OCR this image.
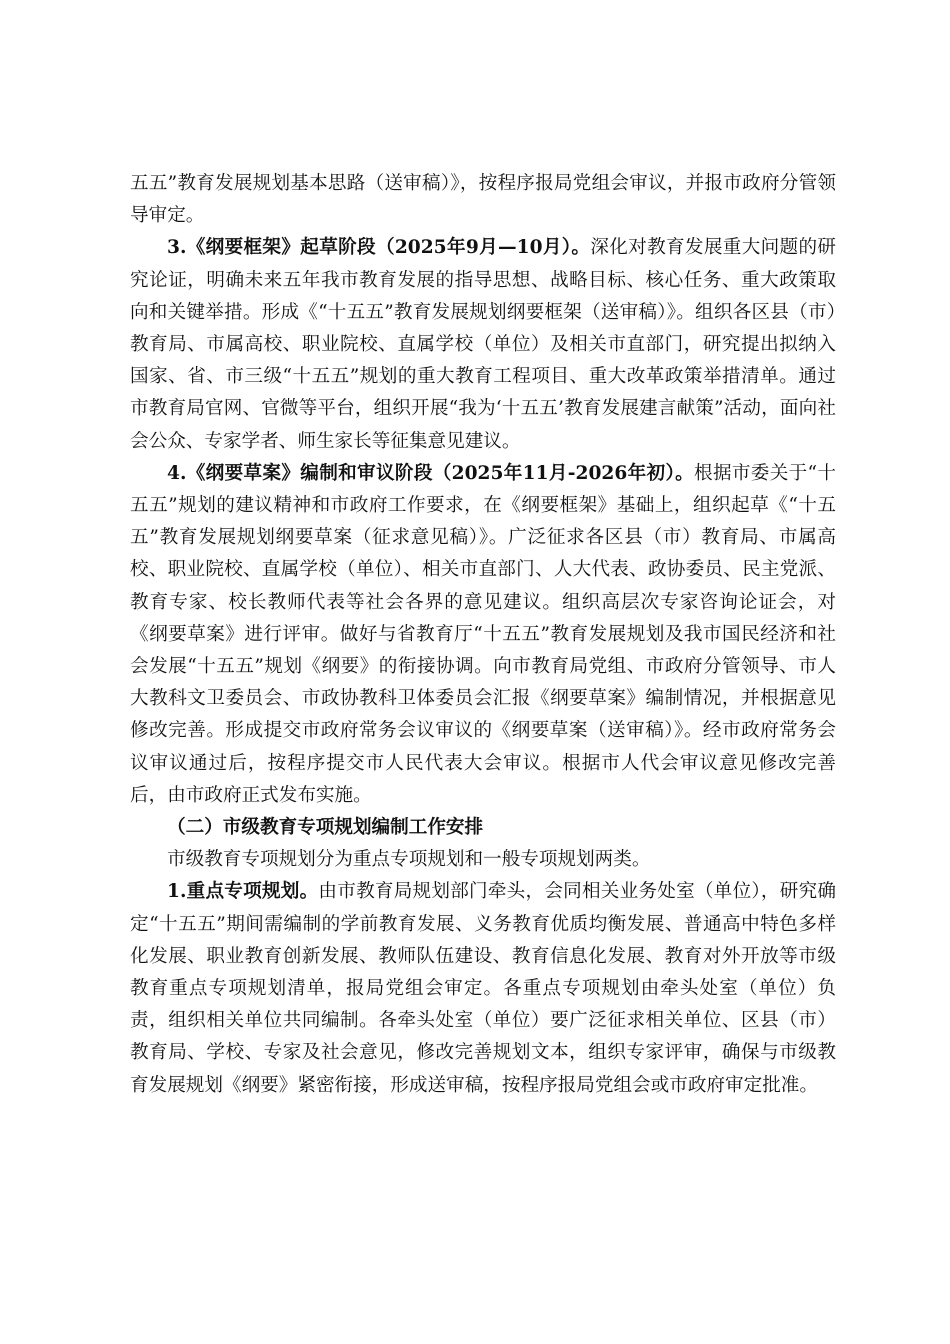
五五”教育发展规划基本思路（送审稿）》，按程序报局党组会审议，并报市政府分管领导审定。

3.《纲要框架》起草阶段（2025年9月—10月）。深化对教育发展重大问题的研究论证，明确未来五年我市教育发展的指导思想、战略目标、核心任务、重大政策取向和关键举措。形成《“十五五”教育发展规划纲要框架（送审稿）》。组织各区县（市）教育局、市属高校、职业院校、直属学校（单位）及相关市直部门，研究提出拟纳入国家、省、市三级“十五五”规划的重大教育工程项目、重大改革政策举措清单。通过市教育局官网、官微等平台，组织开展“我为‘十五五’教育发展建言献策”活动，面向社会公众、专家学者、师生家长等征集意见建议。

4.《纲要草案》编制和审议阶段（2025年11月-2026年初）。根据市委关于“十五五”规划的建议精神和市政府工作要求，在《纲要框架》基础上，组织起草《“十五五”教育发展规划纲要草案（征求意见稿）》。广泛征求各区县（市）教育局、市属高校、职业院校、直属学校（单位）、相关市直部门、人大代表、政协委员、民主党派、教育专家、校长教师代表等社会各界的意见建议。组织高层次专家咨询论证会，对《纲要草案》进行评审。做好与省教育厅“十五五”教育发展规划及我市国民经济和社会发展“十五五”规划《纲要》的衔接协调。向市教育局党组、市政府分管领导、市人大教科文卫委员会、市政协教科卫体委员会汇报《纲要草案》编制情况，并根据意见修改完善。形成提交市政府常务会议审议的《纲要草案（送审稿）》。经市政府常务会议审议通过后，按程序提交市人民代表大会审议。根据市人代会审议意见修改完善后，由市政府正式发布实施。

（二）市级教育专项规划编制工作安排

市级教育专项规划分为重点专项规划和一般专项规划两类。

1.重点专项规划。由市教育局规划部门牵头，会同相关业务处室（单位），研究确定“十五五”期间需编制的学前教育发展、义务教育优质均衡发展、普通高中特色多样化发展、职业教育创新发展、教师队伍建设、教育信息化发展、教育对外开放等市级教育重点专项规划清单，报局党组会审定。各重点专项规划由牵头处室（单位）负责，组织相关单位共同编制。各牵头处室（单位）要广泛征求相关单位、区县（市）教育局、学校、专家及社会意见，修改完善规划文本，组织专家评审，确保与市级教育发展规划《纲要》紧密衔接，形成送审稿，按程序报局党组会或市政府审定批准。
